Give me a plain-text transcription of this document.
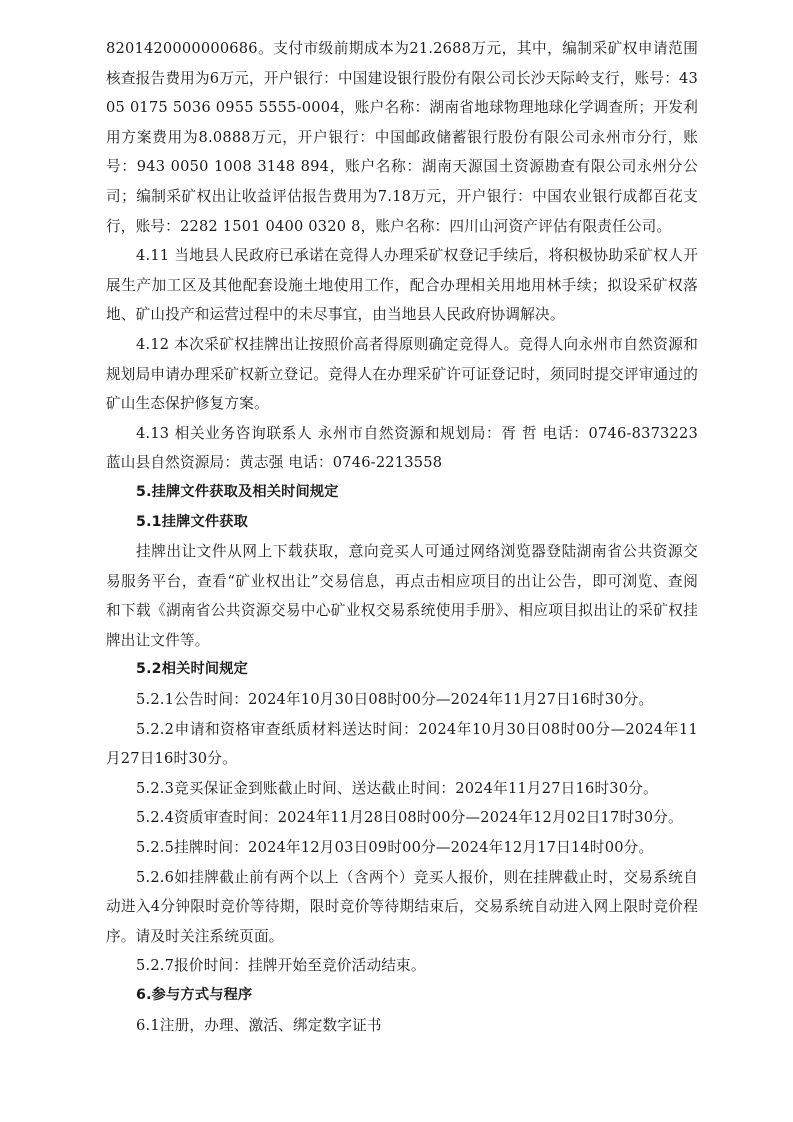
8201420000000686。支付市级前期成本为21.2688万元，其中，编制采矿权申请范围核查报告费用为6万元，开户银行：中国建设银行股份有限公司长沙天际岭支行，账号：4305 0175 5036 0955 5555-0004，账户名称：湖南省地球物理地球化学调查所；开发利用方案费用为8.0888万元，开户银行：中国邮政储蓄银行股份有限公司永州市分行，账号：943 0050 1008 3148 894，账户名称：湖南天源国土资源勘查有限公司永州分公司；编制采矿权出让收益评估报告费用为7.18万元，开户银行：中国农业银行成都百花支行，账号：2282 1501 0400 0320 8，账户名称：四川山河资产评估有限责任公司。

4.11 当地县人民政府已承诺在竞得人办理采矿权登记手续后，将积极协助采矿权人开展生产加工区及其他配套设施土地使用工作，配合办理相关用地用林手续；拟设采矿权落地、矿山投产和运营过程中的未尽事宜，由当地县人民政府协调解决。

4.12 本次采矿权挂牌出让按照价高者得原则确定竞得人。竞得人向永州市自然资源和规划局申请办理采矿权新立登记。竞得人在办理采矿许可证登记时，须同时提交评审通过的矿山生态保护修复方案。

4.13 相关业务咨询联系人 永州市自然资源和规划局：胥 哲 电话：0746-8373223 蓝山县自然资源局：黄志强 电话：0746-2213558

5.挂牌文件获取及相关时间规定

5.1挂牌文件获取

挂牌出让文件从网上下载获取，意向竞买人可通过网络浏览器登陆湖南省公共资源交易服务平台，查看“矿业权出让”交易信息，再点击相应项目的出让公告，即可浏览、查阅和下载《湖南省公共资源交易中心矿业权交易系统使用手册》、相应项目拟出让的采矿权挂牌出让文件等。

5.2相关时间规定

5.2.1公告时间：2024年10月30日08时00分—2024年11月27日16时30分。

5.2.2申请和资格审查纸质材料送达时间：2024年10月30日08时00分—2024年11月27日16时30分。

5.2.3竞买保证金到账截止时间、送达截止时间：2024年11月27日16时30分。

5.2.4资质审查时间：2024年11月28日08时00分—2024年12月02日17时30分。

5.2.5挂牌时间：2024年12月03日09时00分—2024年12月17日14时00分。

5.2.6如挂牌截止前有两个以上（含两个）竞买人报价，则在挂牌截止时，交易系统自动进入4分钟限时竞价等待期，限时竞价等待期结束后，交易系统自动进入网上限时竞价程序。请及时关注系统页面。

5.2.7报价时间：挂牌开始至竞价活动结束。

6.参与方式与程序

6.1注册，办理、激活、绑定数字证书
